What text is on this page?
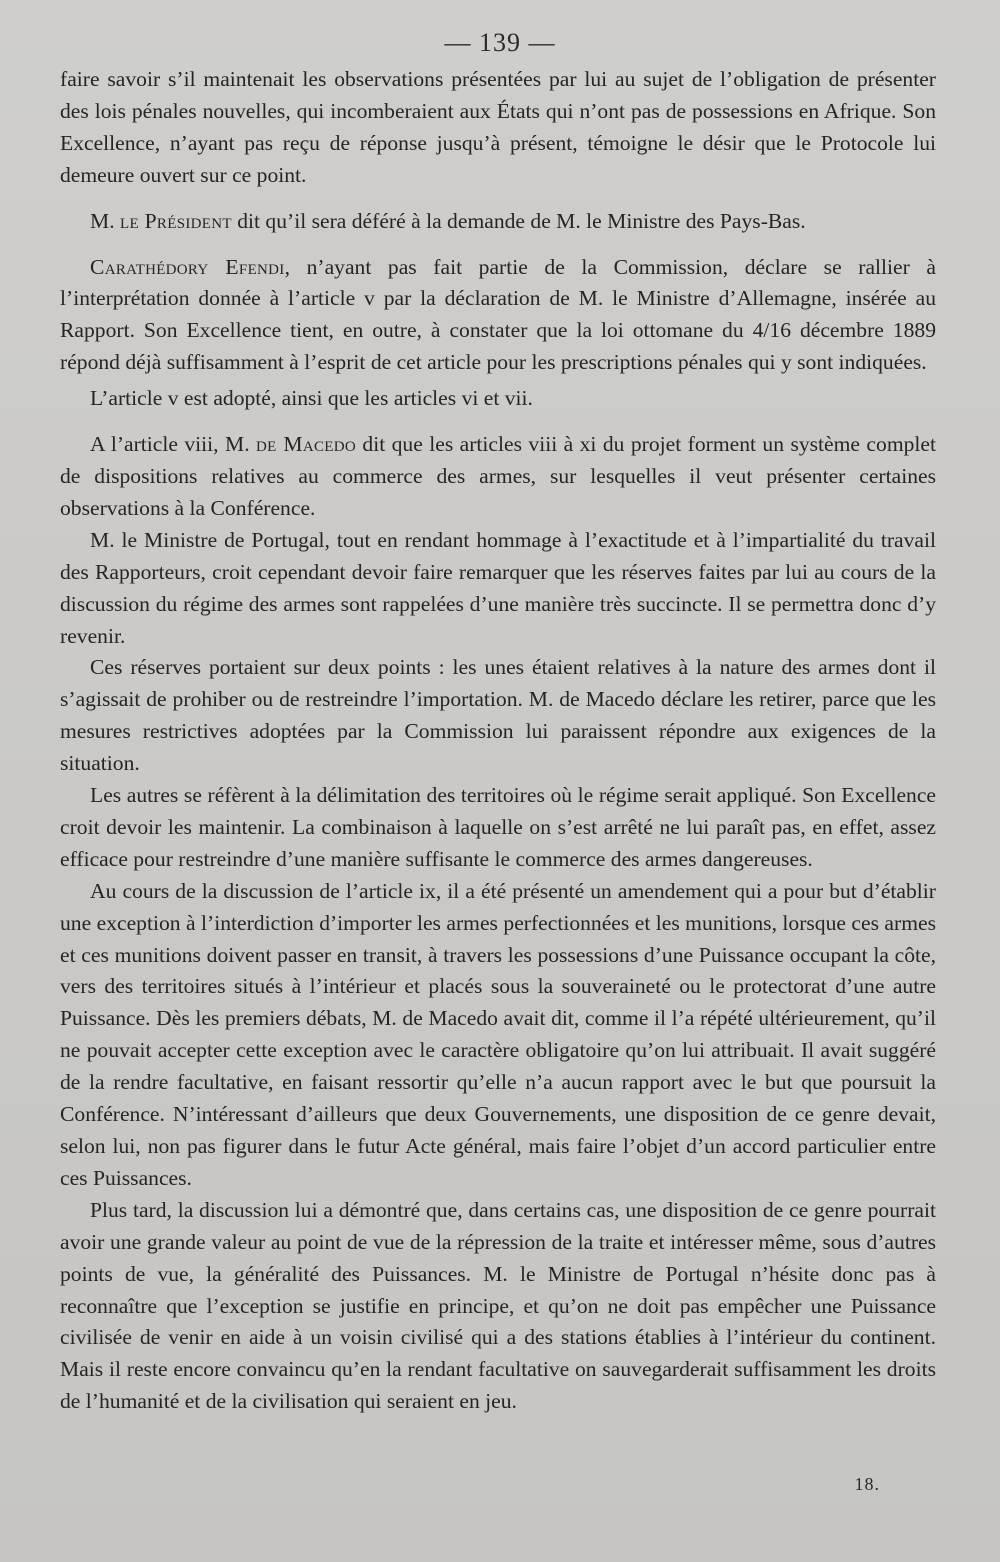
— 139 —

faire savoir s’il maintenait les observations présentées par lui au sujet de l’obligation de présenter des lois pénales nouvelles, qui incomberaient aux États qui n’ont pas de possessions en Afrique. Son Excellence, n’ayant pas reçu de réponse jusqu’à présent, témoigne le désir que le Protocole lui demeure ouvert sur ce point.

M. le Président dit qu’il sera déféré à la demande de M. le Ministre des Pays-Bas.

Carathédory Efendi, n’ayant pas fait partie de la Commission, déclare se rallier à l’interprétation donnée à l’article v par la déclaration de M. le Ministre d’Allemagne, insérée au Rapport. Son Excellence tient, en outre, à constater que la loi ottomane du 4/16 décembre 1889 répond déjà suffisamment à l’esprit de cet article pour les prescriptions pénales qui y sont indiquées.

L’article v est adopté, ainsi que les articles vi et vii.

A l’article viii, M. de Macedo dit que les articles viii à xi du projet forment un système complet de dispositions relatives au commerce des armes, sur lesquelles il veut présenter certaines observations à la Conférence.

M. le Ministre de Portugal, tout en rendant hommage à l’exactitude et à l’impartialité du travail des Rapporteurs, croit cependant devoir faire remarquer que les réserves faites par lui au cours de la discussion du régime des armes sont rappelées d’une manière très succincte. Il se permettra donc d’y revenir.

Ces réserves portaient sur deux points : les unes étaient relatives à la nature des armes dont il s’agissait de prohiber ou de restreindre l’importation. M. de Macedo déclare les retirer, parce que les mesures restrictives adoptées par la Commission lui paraissent répondre aux exigences de la situation.

Les autres se réfèrent à la délimitation des territoires où le régime serait appliqué. Son Excellence croit devoir les maintenir. La combinaison à laquelle on s’est arrêté ne lui paraît pas, en effet, assez efficace pour restreindre d’une manière suffisante le commerce des armes dangereuses.

Au cours de la discussion de l’article ix, il a été présenté un amendement qui a pour but d’établir une exception à l’interdiction d’importer les armes perfectionnées et les munitions, lorsque ces armes et ces munitions doivent passer en transit, à travers les possessions d’une Puissance occupant la côte, vers des territoires situés à l’intérieur et placés sous la souveraineté ou le protectorat d’une autre Puissance. Dès les premiers débats, M. de Macedo avait dit, comme il l’a répété ultérieurement, qu’il ne pouvait accepter cette exception avec le caractère obligatoire qu’on lui attribuait. Il avait suggéré de la rendre facultative, en faisant ressortir qu’elle n’a aucun rapport avec le but que poursuit la Conférence. N’intéressant d’ailleurs que deux Gouvernements, une disposition de ce genre devait, selon lui, non pas figurer dans le futur Acte général, mais faire l’objet d’un accord particulier entre ces Puissances.

Plus tard, la discussion lui a démontré que, dans certains cas, une disposition de ce genre pourrait avoir une grande valeur au point de vue de la répression de la traite et intéresser même, sous d’autres points de vue, la généralité des Puissances. M. le Ministre de Portugal n’hésite donc pas à reconnaître que l’exception se justifie en principe, et qu’on ne doit pas empêcher une Puissance civilisée de venir en aide à un voisin civilisé qui a des stations établies à l’intérieur du continent. Mais il reste encore convaincu qu’en la rendant facultative on sauvegarderait suffisamment les droits de l’humanité et de la civilisation qui seraient en jeu.

18.
